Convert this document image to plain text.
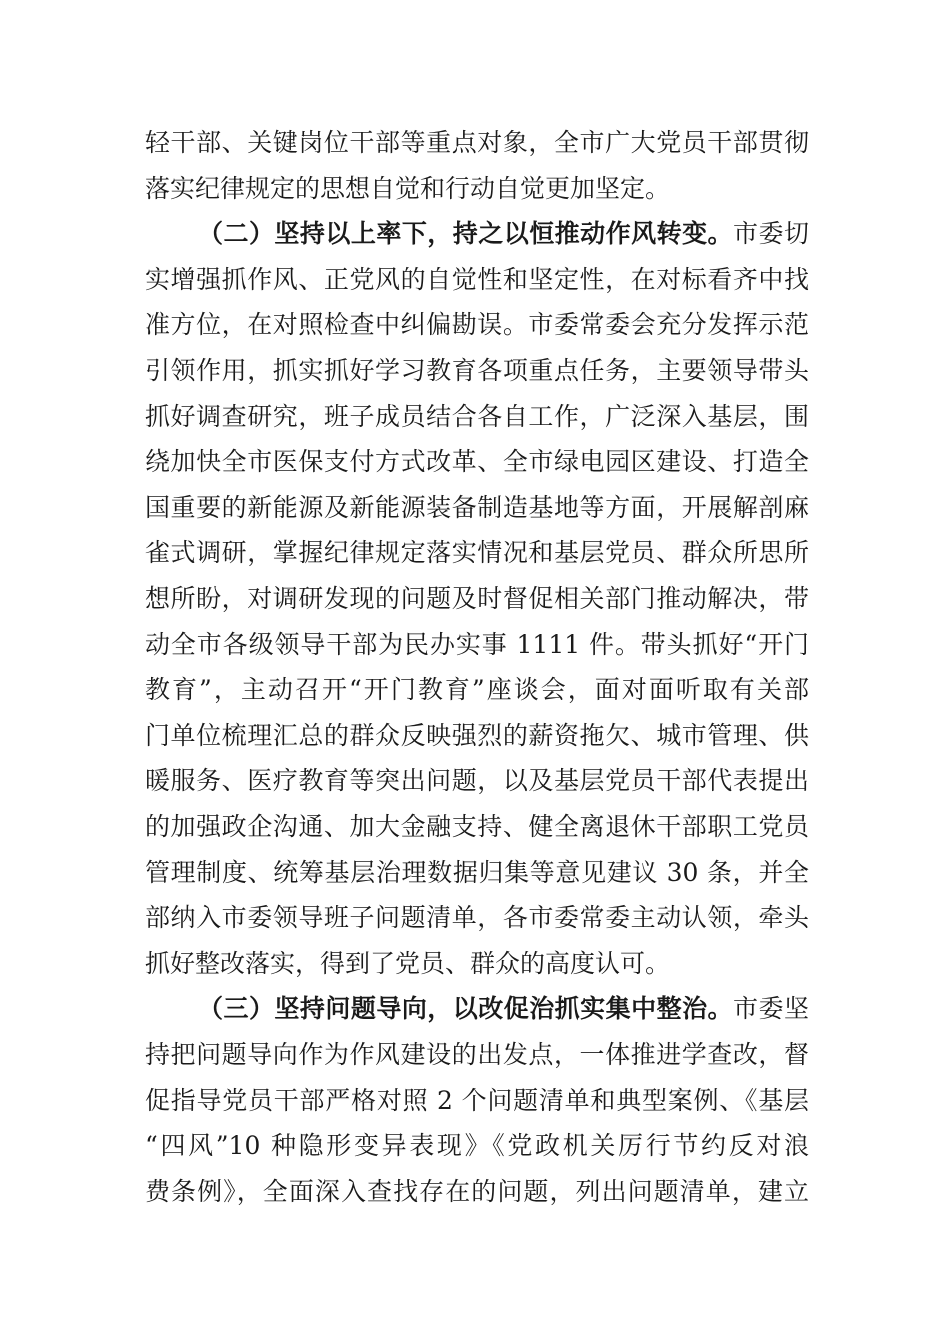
轻干部、关键岗位干部等重点对象，全市广大党员干部贯彻
落实纪律规定的思想自觉和行动自觉更加坚定。
（二）坚持以上率下，持之以恒推动作风转变。市委切
实增强抓作风、正党风的自觉性和坚定性，在对标看齐中找
准方位，在对照检查中纠偏勘误。市委常委会充分发挥示范
引领作用，抓实抓好学习教育各项重点任务，主要领导带头
抓好调查研究，班子成员结合各自工作，广泛深入基层，围
绕加快全市医保支付方式改革、全市绿电园区建设、打造全
国重要的新能源及新能源装备制造基地等方面，开展解剖麻
雀式调研，掌握纪律规定落实情况和基层党员、群众所思所
想所盼，对调研发现的问题及时督促相关部门推动解决，带
动全市各级领导干部为民办实事 1111 件。带头抓好“开门
教育”，主动召开“开门教育”座谈会，面对面听取有关部
门单位梳理汇总的群众反映强烈的薪资拖欠、城市管理、供
暖服务、医疗教育等突出问题，以及基层党员干部代表提出
的加强政企沟通、加大金融支持、健全离退休干部职工党员
管理制度、统筹基层治理数据归集等意见建议 30 条，并全
部纳入市委领导班子问题清单，各市委常委主动认领，牵头
抓好整改落实，得到了党员、群众的高度认可。
（三）坚持问题导向，以改促治抓实集中整治。市委坚
持把问题导向作为作风建设的出发点，一体推进学查改，督
促指导党员干部严格对照 2 个问题清单和典型案例、《基层
“四风”10 种隐形变异表现》《党政机关厉行节约反对浪
费条例》，全面深入查找存在的问题，列出问题清单，建立
